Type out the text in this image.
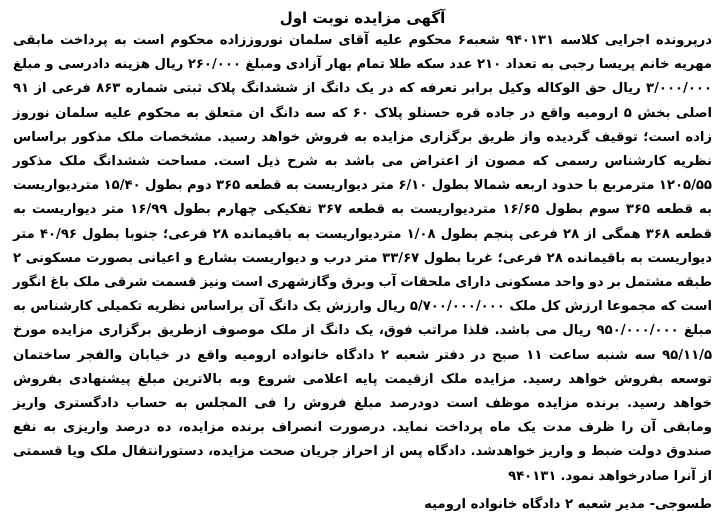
آگهی مزایده نوبت اول

درپرونده اجرایی کلاسه ۹۴۰۱۳۱ شعبه۶ محکوم علیه آقای سلمان نوروززاده محکوم است به پرداخت مابقی مهریه خانم پریسا رجبی به تعداد ۲۱۰ عدد سکه طلا تمام بهار آزادی ومبلغ ۲۶۰/۰۰۰ ریال هزینه دادرسی و مبلغ ۳/۰۰۰/۰۰۰ ریال حق الوکاله وکیل برابر تعرفه که در یک دانگ از ششدانگ پلاک ثبتی شماره ۸۶۳ فرعی از ۹۱ اصلی بخش ۵ ارومیه واقع در جاده قره حسنلو پلاک ۶۰ که سه دانگ ان متعلق به محکوم علیه سلمان نوروز زاده است؛ توقیف گردیده واز طریق برگزاری مزایده به فروش خواهد رسید. مشخصات ملک مذکور براساس نظریه کارشناس رسمی که مصون از اعتراض می باشد به شرح ذیل است. مساحت ششدانگ ملک مذکور ۱۲۰۵/۵۵ مترمربع با حدود اربعه شمالا بطول ۶/۱۰ متر دیواریست به قطعه ۳۶۵ دوم بطول ۱۵/۴۰ متردیواریست به قطعه ۳۶۵ سوم بطول ۱۶/۶۵ متردیواریست به قطعه ۳۶۷ تفکیکی چهارم بطول ۱۶/۹۹ متر دیواریست به قطعه ۳۶۸ همگی از ۲۸ فرعی پنجم بطول ۱/۰۸ متردیواریست به باقیمانده ۲۸ فرعی؛ جنوبا بطول ۴۰/۹۶ متر دیواریست به باقیمانده ۲۸ فرعی؛ غربا بطول ۳۳/۶۷ متر درب و دیواریست بشارع و اعیانی بصورت مسکونی ۲ طبقه مشتمل بر دو واحد مسکونی دارای ملحقات آب وبرق وگازشهری است ونیز قسمت شرقی ملک باغ انگور است که مجموعا ارزش کل ملک ۵/۷۰۰/۰۰۰/۰۰۰ ریال وارزش یک دانگ آن براساس نظریه تکمیلی کارشناس به مبلغ ۹۵۰/۰۰۰/۰۰۰ ریال می باشد. فلذا مراتب فوق، یک دانگ از ملک موصوف ازطریق برگزاری مزایده مورخ ۹۵/۱۱/۵ سه شنبه ساعت ۱۱ صبح در دفتر شعبه ۲ دادگاه خانواده ارومیه واقع در خیابان والفجر ساختمان توسعه بفروش خواهد رسید. مزایده ملک ازقیمت پایه اعلامی شروع وبه بالاترین مبلغ پیشنهادی بفروش خواهد رسید. برنده مزایده موظف است دودرصد مبلغ فروش را فی المجلس به حساب دادگستری واریز ومابقی آن را ظرف مدت یک ماه پرداخت نماید. درصورت انصراف برنده مزایده، ده درصد واریزی به نفع صندوق دولت ضبط و واریز خواهدشد. دادگاه پس از احراز جریان صحت مزایده، دستورانتقال ملک ویا قسمتی از آنرا صادرخواهد نمود. ۹۴۰۱۳۱

طسوجی- مدیر شعبه ۲ دادگاه خانواده ارومیه
